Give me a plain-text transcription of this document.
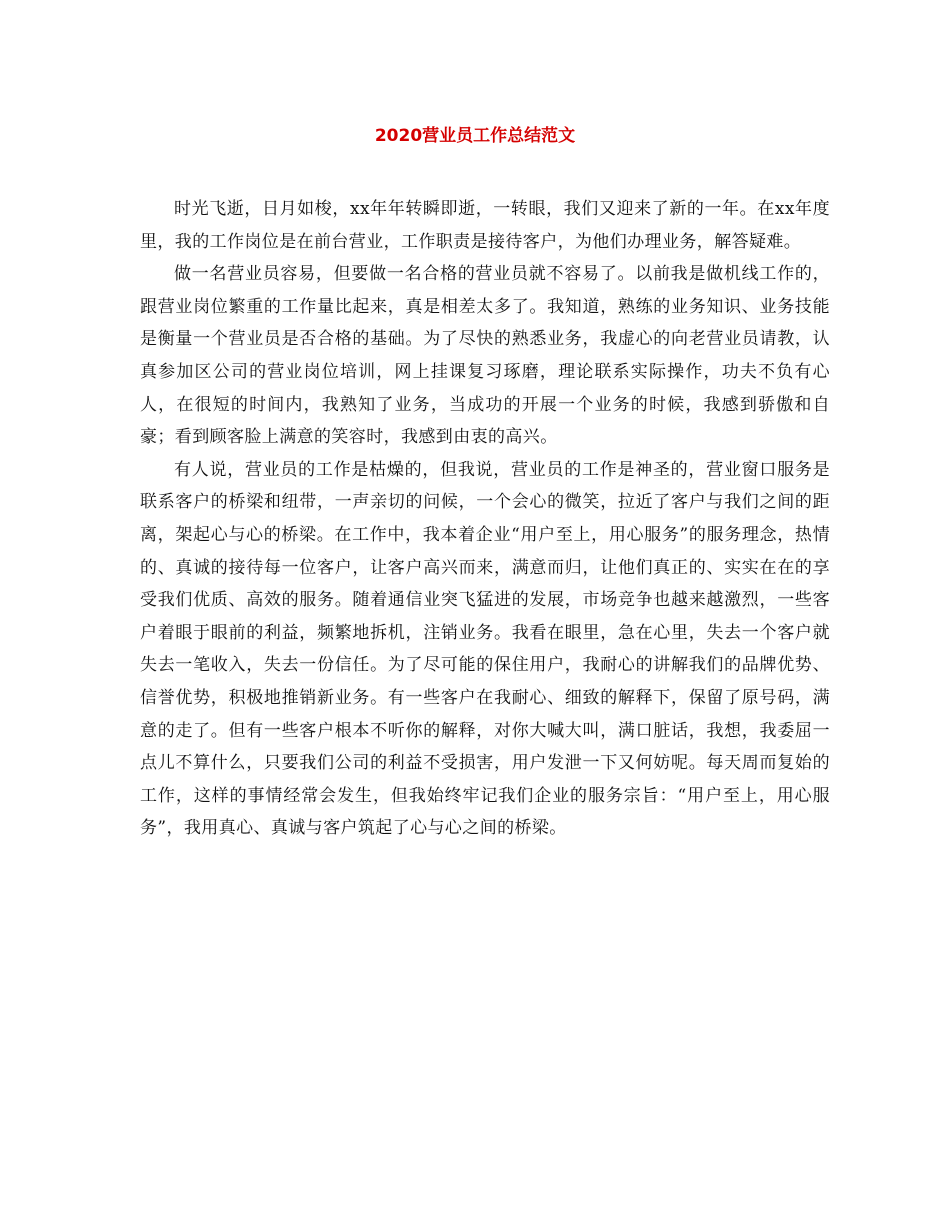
2020营业员工作总结范文

时光飞逝，日月如梭，xx年年转瞬即逝，一转眼，我们又迎来了新的一年。在xx年度里，我的工作岗位是在前台营业，工作职责是接待客户，为他们办理业务，解答疑难。

做一名营业员容易，但要做一名合格的营业员就不容易了。以前我是做机线工作的，跟营业岗位繁重的工作量比起来，真是相差太多了。我知道，熟练的业务知识、业务技能是衡量一个营业员是否合格的基础。为了尽快的熟悉业务，我虚心的向老营业员请教，认真参加区公司的营业岗位培训，网上挂课复习琢磨，理论联系实际操作，功夫不负有心人，在很短的时间内，我熟知了业务，当成功的开展一个业务的时候，我感到骄傲和自豪；看到顾客脸上满意的笑容时，我感到由衷的高兴。

有人说，营业员的工作是枯燥的，但我说，营业员的工作是神圣的，营业窗口服务是联系客户的桥梁和纽带，一声亲切的问候，一个会心的微笑，拉近了客户与我们之间的距离，架起心与心的桥梁。在工作中，我本着企业“用户至上，用心服务”的服务理念，热情的、真诚的接待每一位客户，让客户高兴而来，满意而归，让他们真正的、实实在在的享受我们优质、高效的服务。随着通信业突飞猛进的发展，市场竞争也越来越激烈，一些客户着眼于眼前的利益，频繁地拆机，注销业务。我看在眼里，急在心里，失去一个客户就失去一笔收入，失去一份信任。为了尽可能的保住用户，我耐心的讲解我们的品牌优势、信誉优势，积极地推销新业务。有一些客户在我耐心、细致的解释下，保留了原号码，满意的走了。但有一些客户根本不听你的解释，对你大喊大叫，满口脏话，我想，我委屈一点儿不算什么，只要我们公司的利益不受损害，用户发泄一下又何妨呢。每天周而复始的工作，这样的事情经常会发生，但我始终牢记我们企业的服务宗旨：“用户至上，用心服务”，我用真心、真诚与客户筑起了心与心之间的桥梁。
